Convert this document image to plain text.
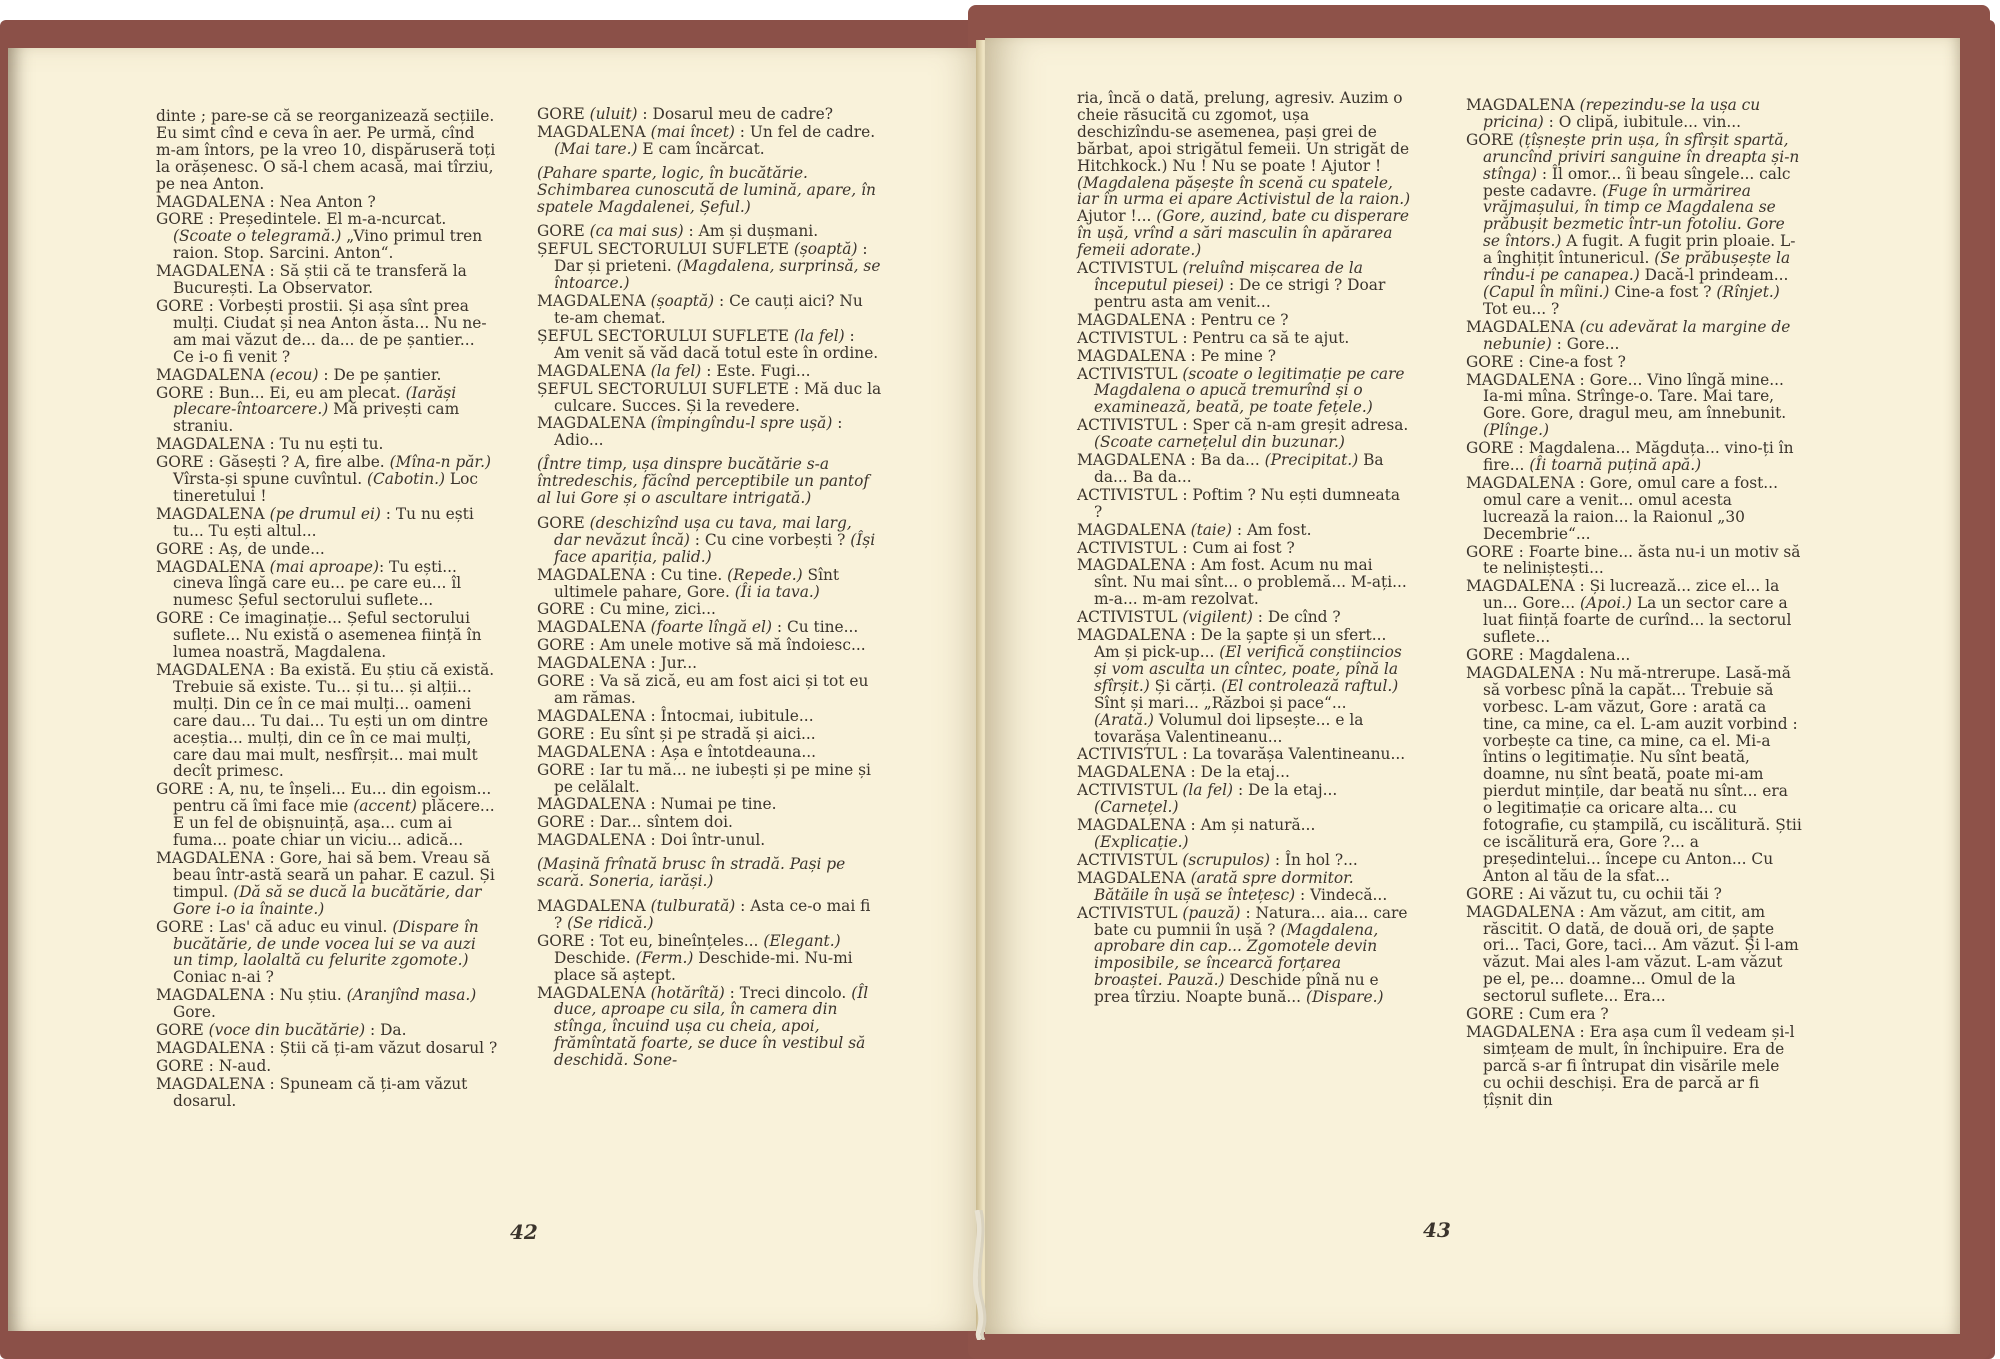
dinte ; pare-se că se reorganizează secțiile. Eu simt cînd e ceva în aer. Pe urmă, cînd m-am întors, pe la vreo 10, dispăruseră toți la orășenesc. O să-l chem acasă, mai tîrziu, pe nea Anton.

MAGDALENA : Nea Anton ?

GORE : Președintele. El m-a-ncurcat. (Scoate o telegramă.) „Vino primul tren raion. Stop. Sarcini. Anton“.

MAGDALENA : Să știi că te transferă la București. La Observator.

GORE : Vorbești prostii. Și așa sînt prea mulți. Ciudat și nea Anton ăsta... Nu ne-am mai văzut de... da... de pe șantier... Ce i-o fi venit ?

MAGDALENA (ecou) : De pe șantier.

GORE : Bun... Ei, eu am plecat. (Iarăși plecare-întoarcere.) Mă privești cam straniu.

MAGDALENA : Tu nu ești tu.

GORE : Găsești ? A, fire albe. (Mîna-n păr.) Vîrsta-și spune cuvîntul. (Cabotin.) Loc tineretului !

MAGDALENA (pe drumul ei) : Tu nu ești tu... Tu ești altul...

GORE : Aș, de unde...

MAGDALENA (mai aproape): Tu ești... cineva lîngă care eu... pe care eu... îl numesc Șeful sectorului suflete...

GORE : Ce imaginație... Șeful sectorului suflete... Nu există o asemenea ființă în lumea noastră, Magdalena.

MAGDALENA : Ba există. Eu știu că există. Trebuie să existe. Tu... și tu... și alții... mulți. Din ce în ce mai mulți... oameni care dau... Tu dai... Tu ești un om dintre aceștia... mulți, din ce în ce mai mulți, care dau mai mult, nesfîrșit... mai mult decît primesc.

GORE : A, nu, te înșeli... Eu... din egoism... pentru că îmi face mie (accent) plăcere... E un fel de obișnuință, așa... cum ai fuma... poate chiar un viciu... adică...

MAGDALENA : Gore, hai să bem. Vreau să beau într-astă seară un pahar. E cazul. Și timpul. (Dă să se ducă la bucătărie, dar Gore i-o ia înainte.)

GORE : Las' că aduc eu vinul. (Dispare în bucătărie, de unde vocea lui se va auzi un timp, laolaltă cu felurite zgomote.) Coniac n-ai ?

MAGDALENA : Nu știu. (Aranjînd masa.) Gore.

GORE (voce din bucătărie) : Da.

MAGDALENA : Știi că ți-am văzut dosarul ?

GORE : N-aud.

MAGDALENA : Spuneam că ți-am văzut dosarul.

GORE (uluit) : Dosarul meu de cadre?

MAGDALENA (mai încet) : Un fel de cadre. (Mai tare.) E cam încărcat.

(Pahare sparte, logic, în bucătărie. Schimbarea cunoscută de lumină, apare, în spatele Magdalenei, Șeful.)

GORE (ca mai sus) : Am și dușmani.

ȘEFUL SECTORULUI SUFLETE (șoaptă) : Dar și prieteni. (Magdalena, surprinsă, se întoarce.)

MAGDALENA (șoaptă) : Ce cauți aici? Nu te-am chemat.

ȘEFUL SECTORULUI SUFLETE (la fel) : Am venit să văd dacă totul este în ordine.

MAGDALENA (la fel) : Este. Fugi...

ȘEFUL SECTORULUI SUFLETE : Mă duc la culcare. Succes. Și la revedere.

MAGDALENA (împingîndu-l spre ușă) : Adio...

(Între timp, ușa dinspre bucătărie s-a întredeschis, făcînd perceptibile un pantof al lui Gore și o ascultare intrigată.)

GORE (deschizînd ușa cu tava, mai larg, dar nevăzut încă) : Cu cine vorbești ? (Își face apariția, palid.)

MAGDALENA : Cu tine. (Repede.) Sînt ultimele pahare, Gore. (Îi ia tava.)

GORE : Cu mine, zici...

MAGDALENA (foarte lîngă el) : Cu tine...

GORE : Am unele motive să mă îndoiesc...

MAGDALENA : Jur...

GORE : Va să zică, eu am fost aici și tot eu am rămas.

MAGDALENA : Întocmai, iubitule...

GORE : Eu sînt și pe stradă și aici...

MAGDALENA : Așa e întotdeauna...

GORE : Iar tu mă... ne iubești și pe mine și pe celălalt.

MAGDALENA : Numai pe tine.

GORE : Dar... sîntem doi.

MAGDALENA : Doi într-unul.

(Mașină frînată brusc în stradă. Pași pe scară. Soneria, iarăși.)

MAGDALENA (tulburată) : Asta ce-o mai fi ? (Se ridică.)

GORE : Tot eu, bineînțeles... (Elegant.) Deschide. (Ferm.) Deschide-mi. Nu-mi place să aștept.

MAGDALENA (hotărîtă) : Treci dincolo. (Îl duce, aproape cu sila, în camera din stînga, încuind ușa cu cheia, apoi, frămîntată foarte, se duce în vestibul să deschidă. Sone-

42

ria, încă o dată, prelung, agresiv. Auzim o cheie răsucită cu zgomot, ușa deschizîndu-se asemenea, pași grei de bărbat, apoi strigătul femeii. Un strigăt de Hitchkock.) Nu ! Nu se poate ! Ajutor ! (Magdalena pășește în scenă cu spatele, iar în urma ei apare Activistul de la raion.) Ajutor !... (Gore, auzind, bate cu disperare în ușă, vrînd a sări masculin în apărarea femeii adorate.)

ACTIVISTUL (reluînd mișcarea de la începutul piesei) : De ce strigi ? Doar pentru asta am venit...

MAGDALENA : Pentru ce ?

ACTIVISTUL : Pentru ca să te ajut.

MAGDALENA : Pe mine ?

ACTIVISTUL (scoate o legitimație pe care Magdalena o apucă tremurînd și o examinează, beată, pe toate fețele.)

ACTIVISTUL : Sper că n-am greșit adresa. (Scoate carnețelul din buzunar.)

MAGDALENA : Ba da... (Precipitat.) Ba da... Ba da...

ACTIVISTUL : Poftim ? Nu ești dumneata ?

MAGDALENA (taie) : Am fost.

ACTIVISTUL : Cum ai fost ?

MAGDALENA : Am fost. Acum nu mai sînt. Nu mai sînt... o problemă... M-ați... m-a... m-am rezolvat.

ACTIVISTUL (vigilent) : De cînd ?

MAGDALENA : De la șapte și un sfert... Am și pick-up... (El verifică conștiincios și vom asculta un cîntec, poate, pînă la sfîrșit.) Și cărți. (El controlează raftul.) Sînt și mari... „Război și pace“... (Arată.) Volumul doi lipsește... e la tovarășa Valentineanu...

ACTIVISTUL : La tovarășa Valentineanu...

MAGDALENA : De la etaj...

ACTIVISTUL (la fel) : De la etaj... (Carnețel.)

MAGDALENA : Am și natură... (Explicație.)

ACTIVISTUL (scrupulos) : În hol ?...

MAGDALENA (arată spre dormitor. Bătăile în ușă se întețesc) : Vindecă...

ACTIVISTUL (pauză) : Natura... aia... care bate cu pumnii în ușă ? (Magdalena, aprobare din cap... Zgomotele devin imposibile, se încearcă forțarea broaștei. Pauză.) Deschide pînă nu e prea tîrziu. Noapte bună... (Dispare.)

MAGDALENA (repezindu-se la ușa cu pricina) : O clipă, iubitule... vin...

GORE (țîșnește prin ușa, în sfîrșit spartă, aruncînd priviri sanguine în dreapta și-n stînga) : Îl omor... îi beau sîngele... calc peste cadavre. (Fuge în urmărirea vrăjmașului, în timp ce Magdalena se prăbușit bezmetic într-un fotoliu. Gore se întors.) A fugit. A fugit prin ploaie. L-a înghițit întunericul. (Se prăbușește la rîndu-i pe canapea.) Dacă-l prindeam... (Capul în mîini.) Cine-a fost ? (Rînjet.) Tot eu... ?

MAGDALENA (cu adevărat la margine de nebunie) : Gore...

GORE : Cine-a fost ?

MAGDALENA : Gore... Vino lîngă mine... Ia-mi mîna. Strînge-o. Tare. Mai tare, Gore. Gore, dragul meu, am înnebunit. (Plînge.)

GORE : Magdalena... Măgduța... vino-ți în fire... (Îi toarnă puțină apă.)

MAGDALENA : Gore, omul care a fost... omul care a venit... omul acesta lucrează la raion... la Raionul „30 Decembrie“...

GORE : Foarte bine... ăsta nu-i un motiv să te neliniștești...

MAGDALENA : Și lucrează... zice el... la un... Gore... (Apoi.) La un sector care a luat ființă foarte de curînd... la sectorul suflete...

GORE : Magdalena...

MAGDALENA : Nu mă-ntrerupe. Lasă-mă să vorbesc pînă la capăt... Trebuie să vorbesc. L-am văzut, Gore : arată ca tine, ca mine, ca el. L-am auzit vorbind : vorbește ca tine, ca mine, ca el. Mi-a întins o legitimație. Nu sînt beată, doamne, nu sînt beată, poate mi-am pierdut mințile, dar beată nu sînt... era o legitimație ca oricare alta... cu fotografie, cu ștampilă, cu iscălitură. Știi ce iscălitură era, Gore ?... a președintelui... începe cu Anton... Cu Anton al tău de la sfat...

GORE : Ai văzut tu, cu ochii tăi ?

MAGDALENA : Am văzut, am citit, am răscitit. O dată, de două ori, de șapte ori... Taci, Gore, taci... Am văzut. Și l-am văzut. Mai ales l-am văzut. L-am văzut pe el, pe... doamne... Omul de la sectorul suflete... Era...

GORE : Cum era ?

MAGDALENA : Era așa cum îl vedeam și-l simțeam de mult, în închipuire. Era de parcă s-ar fi întrupat din visările mele cu ochii deschiși. Era de parcă ar fi țîșnit din

43
